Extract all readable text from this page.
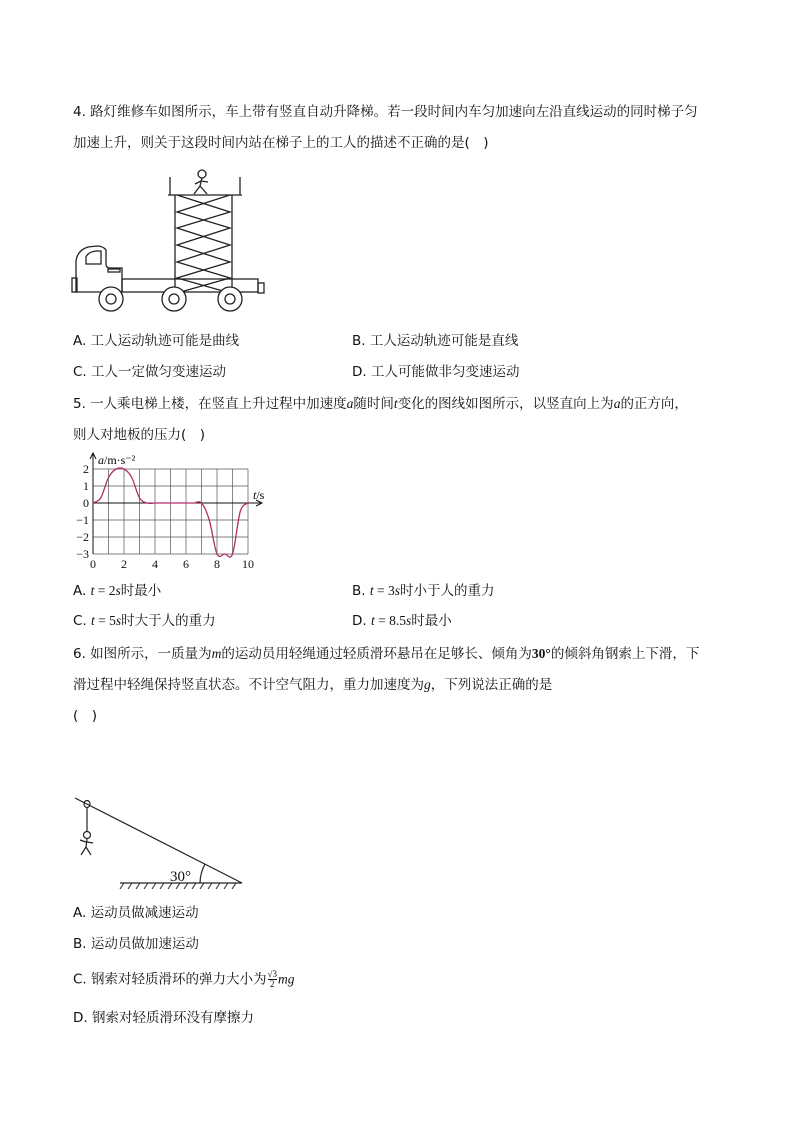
4. 路灯维修车如图所示，车上带有竖直自动升降梯。若一段时间内车匀加速向左沿直线运动的同时梯子匀
加速上升，则关于这段时间内站在梯子上的工人的描述不正确的是(　)
A. 工人运动轨迹可能是曲线	B. 工人运动轨迹可能是直线
C. 工人一定做匀变速运动	D. 工人可能做非匀变速运动
5. 一人乘电梯上楼，在竖直上升过程中加速度a随时间t变化的图线如图所示，以竖直向上为a的正方向，
则人对地板的压力(　)
0 2 4 6 8 10
2
1
0
−1
−2
−3
a/m·s⁻²
t/s
A. t = 2s时最小	B. t = 3s时小于人的重力
C. t = 5s时大于人的重力	D. t = 8.5s时最小
6. 如图所示，一质量为m的运动员用轻绳通过轻质滑环悬吊在足够长、倾角为30°的倾斜角钢索上下滑，下
滑过程中轻绳保持竖直状态。不计空气阻力，重力加速度为g，下列说法正确的是
(　)
30°
A. 运动员做减速运动
B. 运动员做加速运动
C. 钢索对轻质滑环的弹力大小为 $\frac{√3}{2}$ mg
D. 钢索对轻质滑环没有摩擦力
